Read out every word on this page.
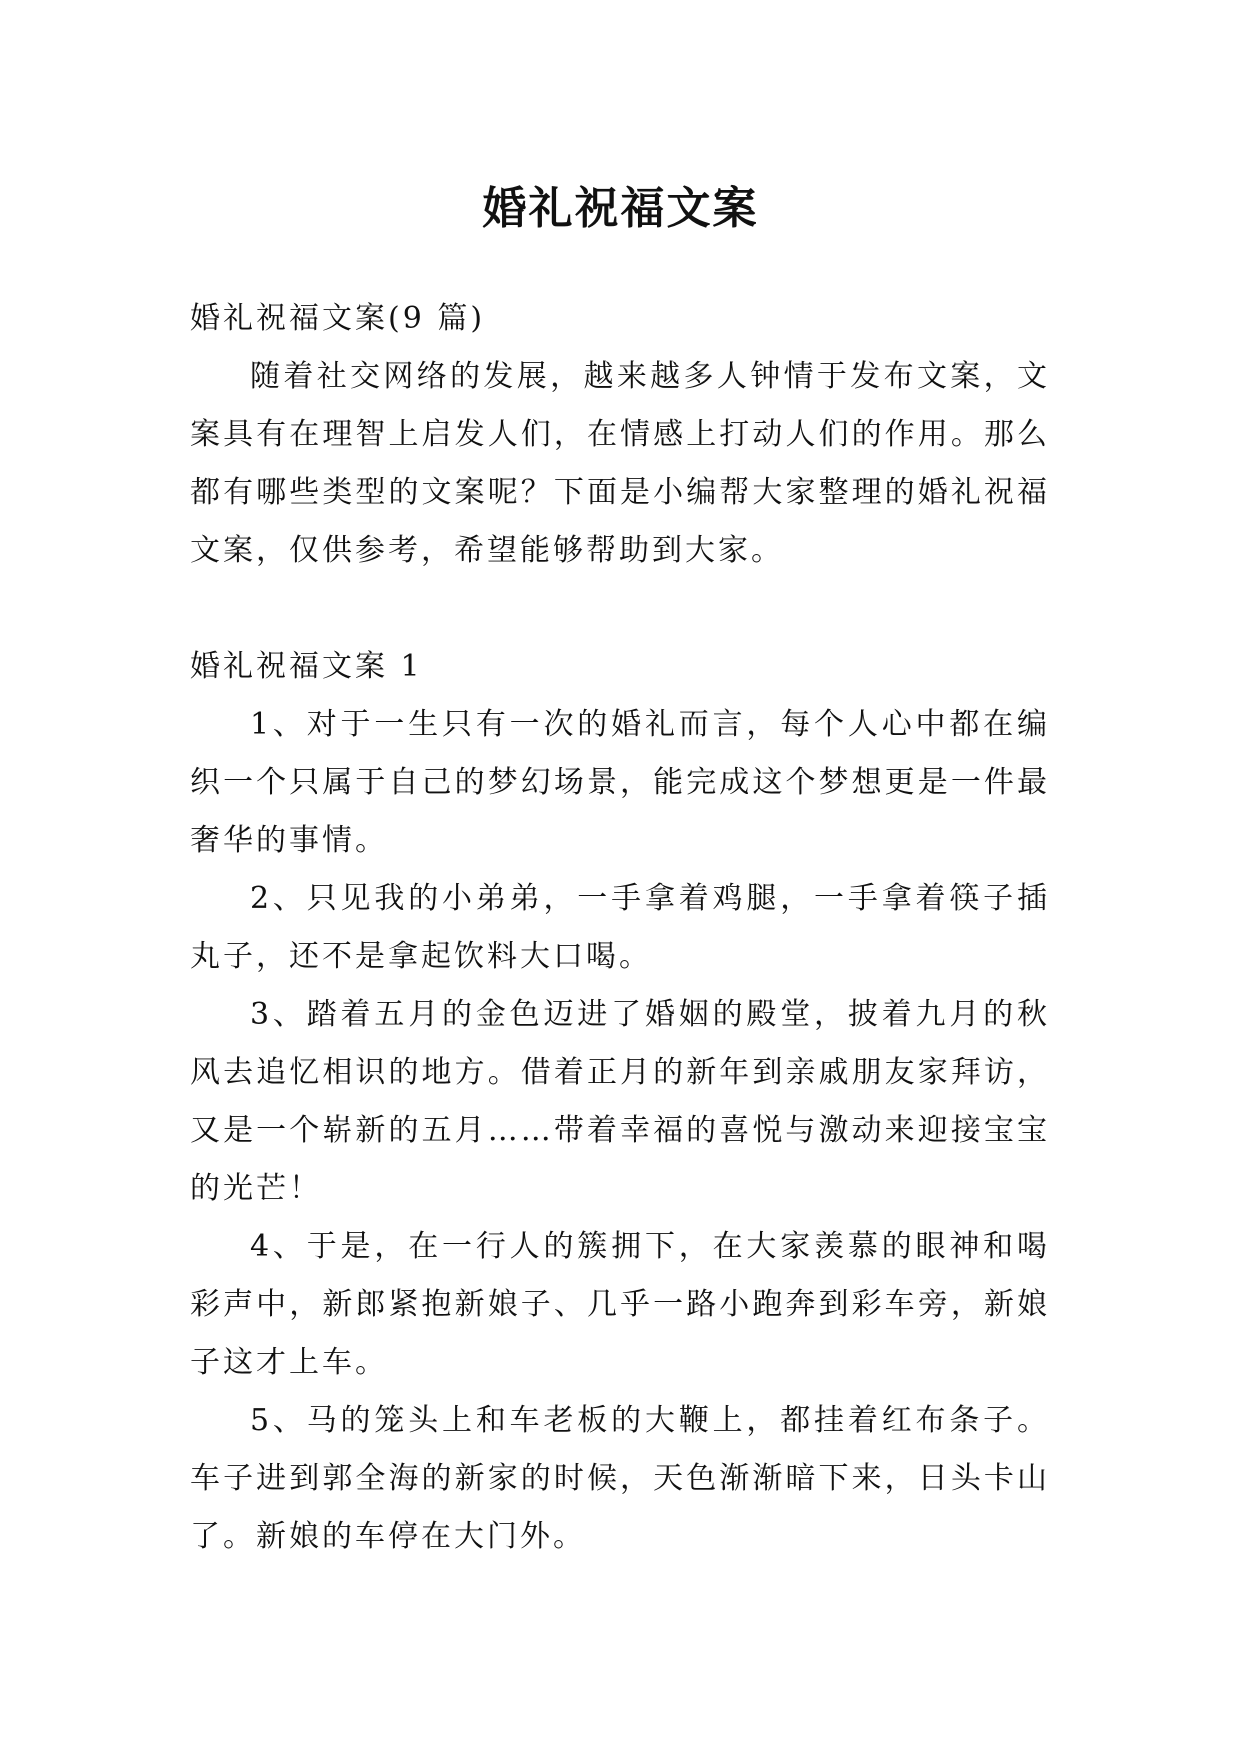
婚礼祝福文案

婚礼祝福文案(9 篇)

随着社交网络的发展，越来越多人钟情于发布文案，文案具有在理智上启发人们，在情感上打动人们的作用。那么都有哪些类型的文案呢？下面是小编帮大家整理的婚礼祝福文案，仅供参考，希望能够帮助到大家。

婚礼祝福文案 1

1、对于一生只有一次的婚礼而言，每个人心中都在编织一个只属于自己的梦幻场景，能完成这个梦想更是一件最奢华的事情。

2、只见我的小弟弟，一手拿着鸡腿，一手拿着筷子插丸子，还不是拿起饮料大口喝。

3、踏着五月的金色迈进了婚姻的殿堂，披着九月的秋风去追忆相识的地方。借着正月的新年到亲戚朋友家拜访，又是一个崭新的五月……带着幸福的喜悦与激动来迎接宝宝的光芒！

4、于是，在一行人的簇拥下，在大家羡慕的眼神和喝彩声中，新郎紧抱新娘子、几乎一路小跑奔到彩车旁，新娘子这才上车。

5、马的笼头上和车老板的大鞭上，都挂着红布条子。车子进到郭全海的新家的时候，天色渐渐暗下来，日头卡山了。新娘的车停在大门外。
